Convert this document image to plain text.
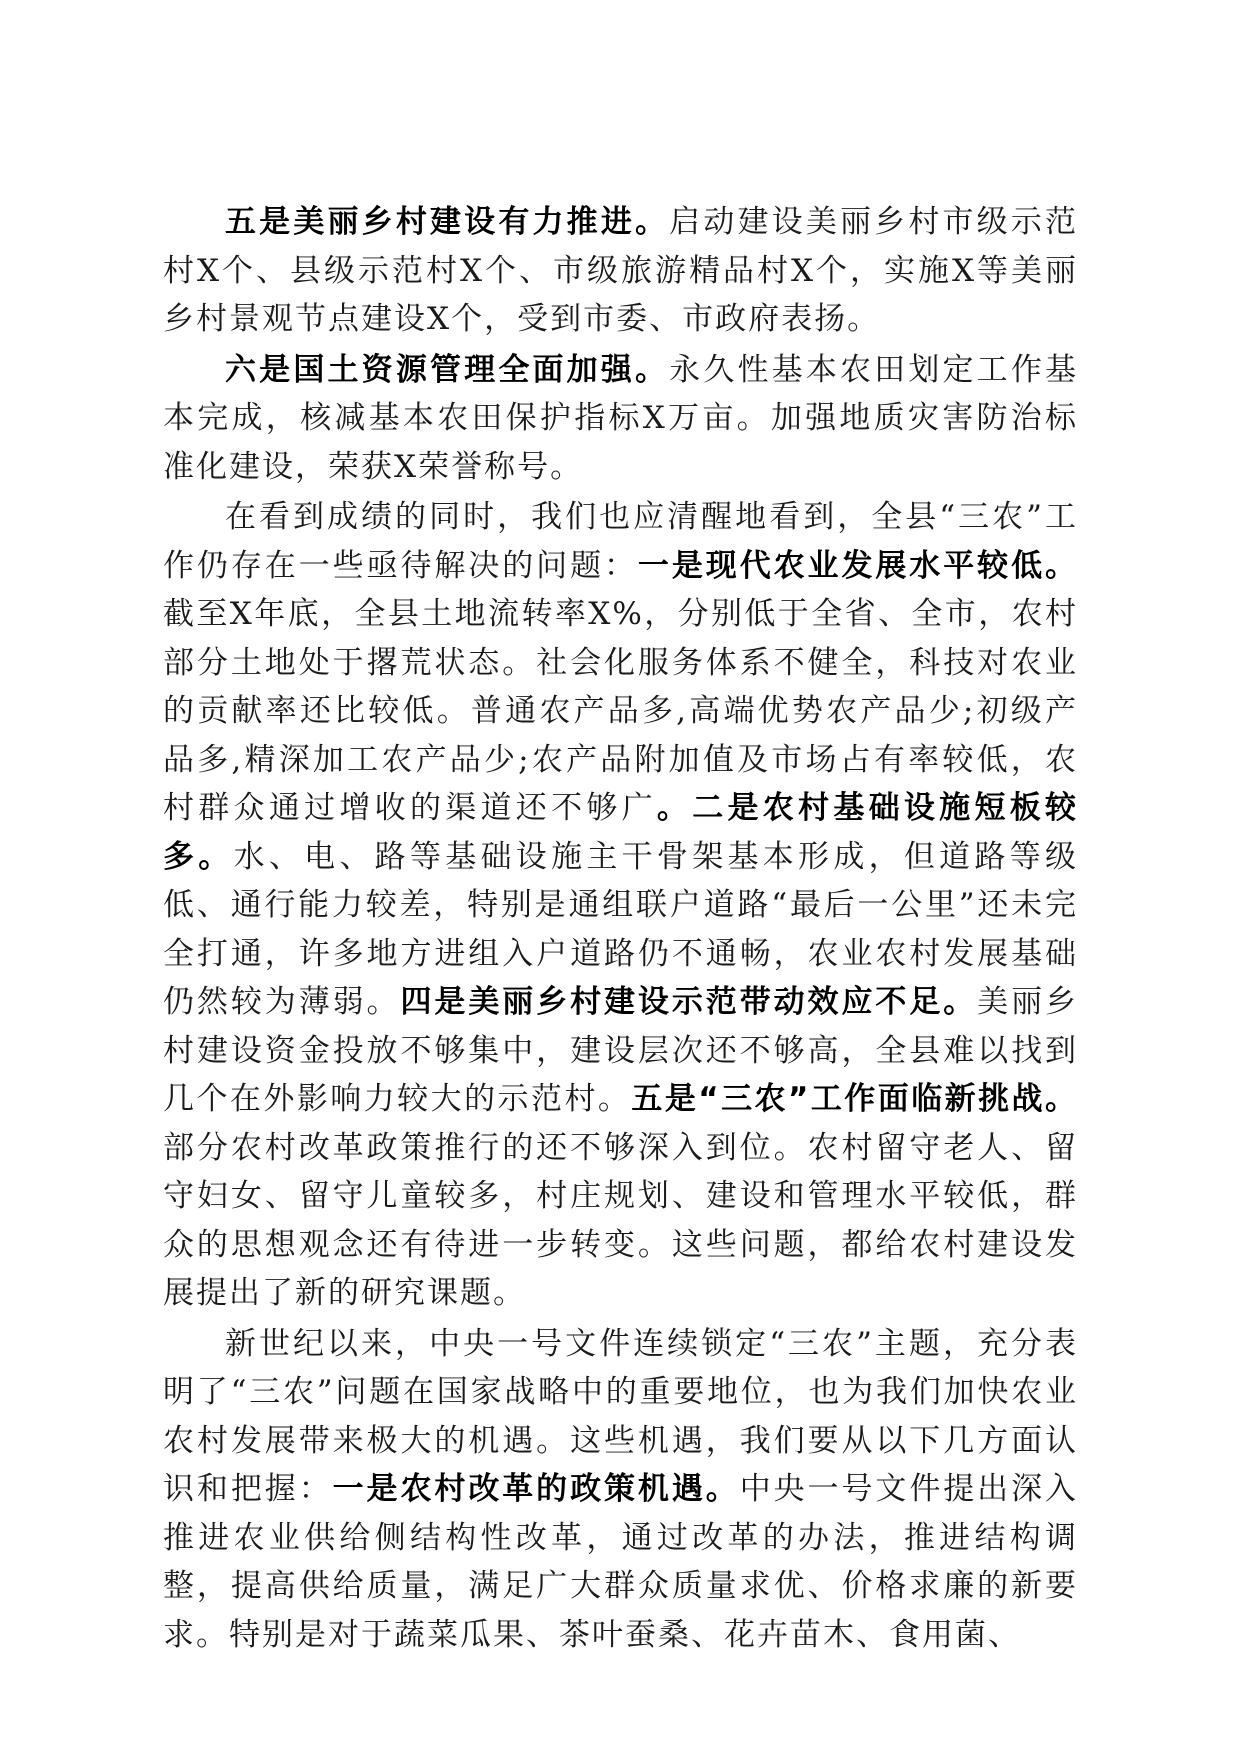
五是美丽乡村建设有力推进。启动建设美丽乡村市级示范村X个、县级示范村X个、市级旅游精品村X个，实施X等美丽乡村景观节点建设X个，受到市委、市政府表扬。

六是国土资源管理全面加强。永久性基本农田划定工作基本完成，核减基本农田保护指标X万亩。加强地质灾害防治标准化建设，荣获X荣誉称号。

在看到成绩的同时，我们也应清醒地看到，全县“三农”工作仍存在一些亟待解决的问题：一是现代农业发展水平较低。截至X年底，全县土地流转率X%，分别低于全省、全市，农村部分土地处于撂荒状态。社会化服务体系不健全，科技对农业的贡献率还比较低。普通农产品多,高端优势农产品少;初级产品多,精深加工农产品少;农产品附加值及市场占有率较低，农村群众通过增收的渠道还不够广。二是农村基础设施短板较多。水、电、路等基础设施主干骨架基本形成，但道路等级低、通行能力较差，特别是通组联户道路“最后一公里”还未完全打通，许多地方进组入户道路仍不通畅，农业农村发展基础仍然较为薄弱。四是美丽乡村建设示范带动效应不足。美丽乡村建设资金投放不够集中，建设层次还不够高，全县难以找到几个在外影响力较大的示范村。五是“三农”工作面临新挑战。部分农村改革政策推行的还不够深入到位。农村留守老人、留守妇女、留守儿童较多，村庄规划、建设和管理水平较低，群众的思想观念还有待进一步转变。这些问题，都给农村建设发展提出了新的研究课题。

新世纪以来，中央一号文件连续锁定“三农”主题，充分表明了“三农”问题在国家战略中的重要地位，也为我们加快农业农村发展带来极大的机遇。这些机遇，我们要从以下几方面认识和把握：一是农村改革的政策机遇。中央一号文件提出深入推进农业供给侧结构性改革，通过改革的办法，推进结构调整，提高供给质量，满足广大群众质量求优、价格求廉的新要求。特别是对于蔬菜瓜果、茶叶蚕桑、花卉苗木、食用菌、
